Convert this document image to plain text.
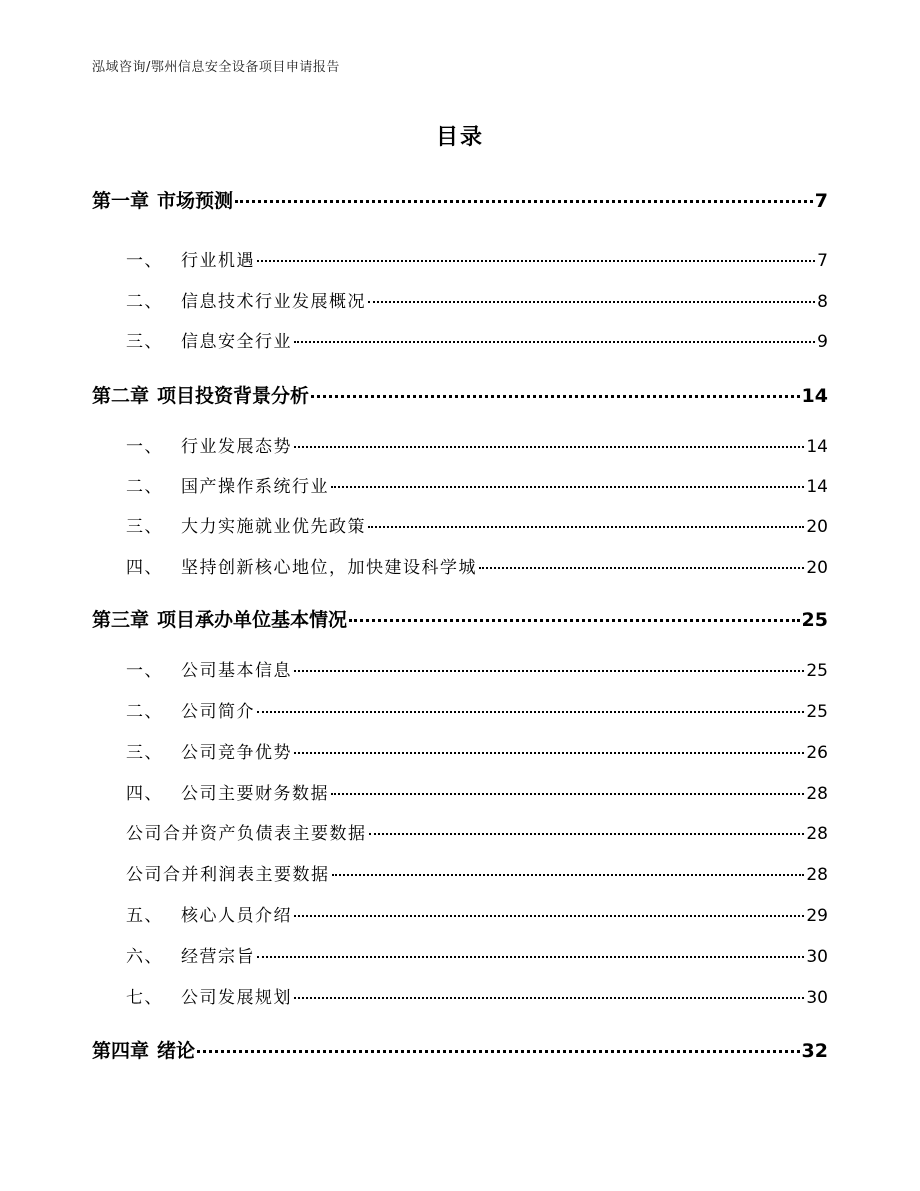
泓域咨询/鄂州信息安全设备项目申请报告
目录
第一章 市场预测	7
一、 行业机遇	7
二、 信息技术行业发展概况	8
三、 信息安全行业	9
第二章 项目投资背景分析	14
一、 行业发展态势	14
二、 国产操作系统行业	14
三、 大力实施就业优先政策	20
四、 坚持创新核心地位，加快建设科学城	20
第三章 项目承办单位基本情况	25
一、 公司基本信息	25
二、 公司简介	25
三、 公司竞争优势	26
四、 公司主要财务数据	28
公司合并资产负债表主要数据	28
公司合并利润表主要数据	28
五、 核心人员介绍	29
六、 经营宗旨	30
七、 公司发展规划	30
第四章 绪论	32
